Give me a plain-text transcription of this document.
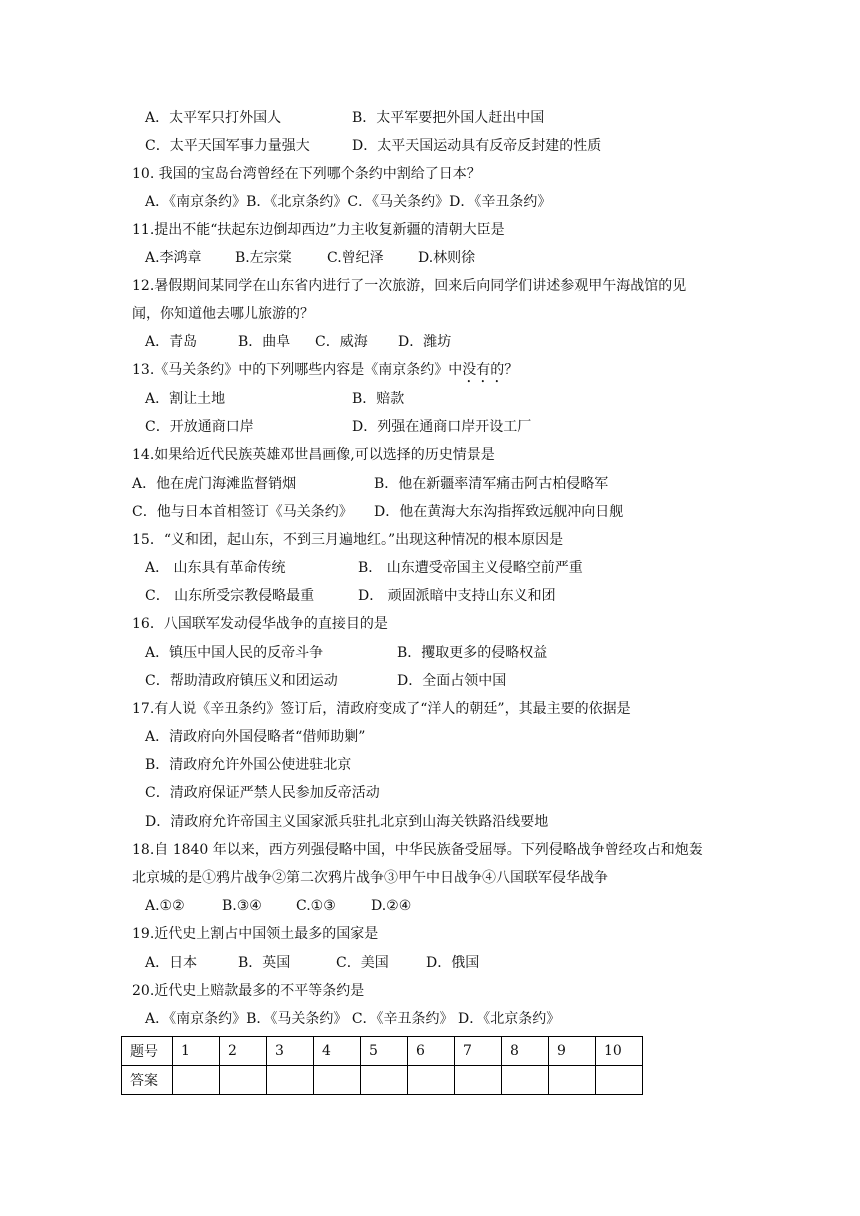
A．太平军只打外国人	B．太平军要把外国人赶出中国
C．太平天国军事力量强大	D．太平天国运动具有反帝反封建的性质
10. 我国的宝岛台湾曾经在下列哪个条约中割给了日本？
A．《南京条约》B．《北京条约》C．《马关条约》D．《辛丑条约》
11.提出不能“扶起东边倒却西边”力主收复新疆的清朝大臣是
A.李鸿章 B.左宗棠	C.曾纪泽 D.林则徐
12.暑假期间某同学在山东省内进行了一次旅游，回来后向同学们讲述参观甲午海战馆的见
闻，你知道他去哪儿旅游的？
A．青岛	B．曲阜 C．威海 D．潍坊
13.《马关条约》中的下列哪些内容是《南京条约》中没有的？
A．割让土地	B．赔款
C．开放通商口岸	D．列强在通商口岸开设工厂
14.如果给近代民族英雄邓世昌画像,可以选择的历史情景是
A．他在虎门海滩监督销烟	B．他在新疆率清军痛击阿古柏侵略军
C．他与日本首相签订《马关条约》 D．他在黄海大东沟指挥致远舰冲向日舰
15．“义和团，起山东，不到三月遍地红。”出现这种情况的根本原因是
A． 山东具有革命传统	B． 山东遭受帝国主义侵略空前严重
C． 山东所受宗教侵略最重	D． 顽固派暗中支持山东义和团
16．八国联军发动侵华战争的直接目的是
A．镇压中国人民的反帝斗争	B．攫取更多的侵略权益
C．帮助清政府镇压义和团运动	D．全面占领中国
17.有人说《辛丑条约》签订后，清政府变成了“洋人的朝廷”，其最主要的依据是
A．清政府向外国侵略者“借师助剿”
B．清政府允许外国公使进驻北京
C．清政府保证严禁人民参加反帝活动
D．清政府允许帝国主义国家派兵驻扎北京到山海关铁路沿线要地
18.自 1840 年以来，西方列强侵略中国，中华民族备受屈辱。下列侵略战争曾经攻占和炮轰
北京城的是①鸦片战争②第二次鸦片战争③甲午中日战争④八国联军侵华战争
A.①②	B.③④ C.①③	D.②④
19.近代史上割占中国领土最多的国家是
A．日本	B．英国	C．美国	D．俄国
20.近代史上赔款最多的不平等条约是
A．《南京条约》B．《马关条约》 C．《辛丑条约》 D．《北京条约》
题号	1	2	3	4	5	6	7	8	9	10
答案										
